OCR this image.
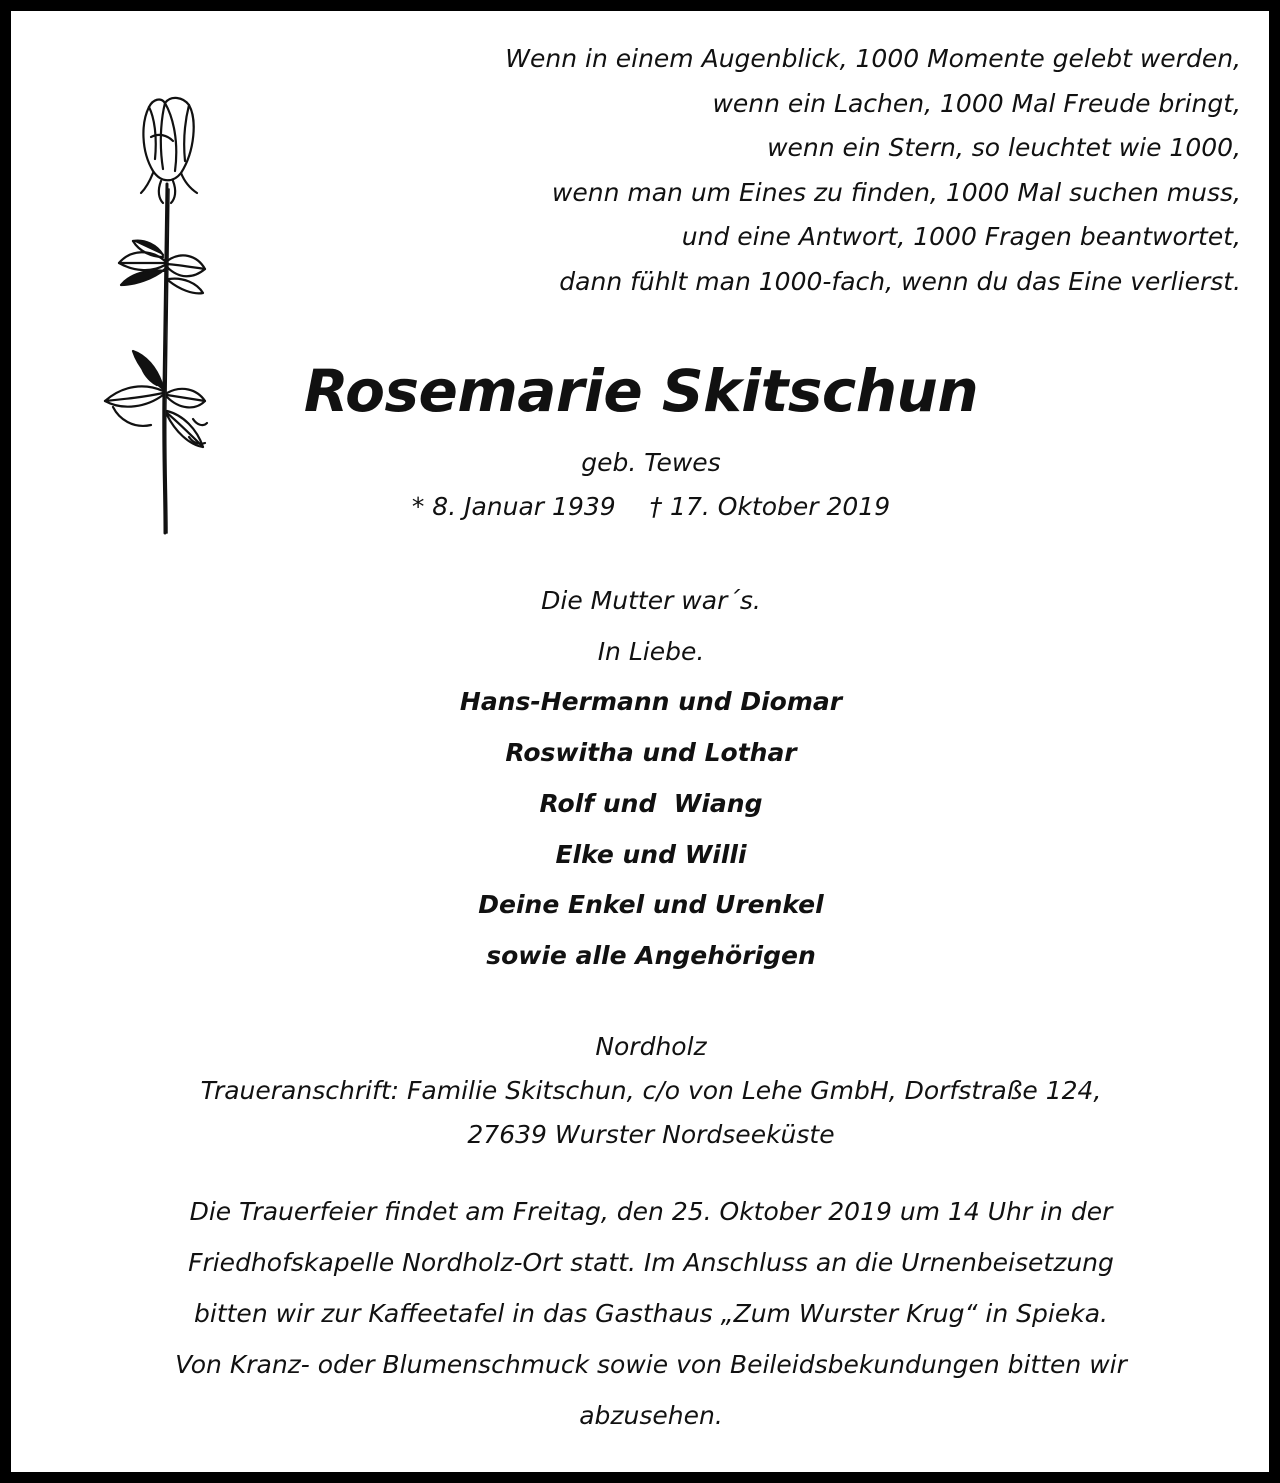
Wenn in einem Augenblick, 1000 Momente gelebt werden,
wenn ein Lachen, 1000 Mal Freude bringt,
wenn ein Stern, so leuchtet wie 1000,
wenn man um Eines zu finden, 1000 Mal suchen muss,
und eine Antwort, 1000 Fragen beantwortet,
dann fühlt man 1000-fach, wenn du das Eine verlierst.
Rosemarie Skitschun
geb. Tewes
* 8. Januar 1939 † 17. Oktober 2019
Die Mutter war´s.
In Liebe.
Hans-Hermann und Diomar
Roswitha und Lothar
Rolf und  Wiang
Elke und Willi
Deine Enkel und Urenkel
sowie alle Angehörigen
Nordholz
Traueranschrift: Familie Skitschun, c/o von Lehe GmbH, Dorfstraße 124,
27639 Wurster Nordseeküste
Die Trauerfeier findet am Freitag, den 25. Oktober 2019 um 14 Uhr in der
Friedhofskapelle Nordholz-Ort statt. Im Anschluss an die Urnenbeisetzung
bitten wir zur Kaffeetafel in das Gasthaus „Zum Wurster Krug“ in Spieka.
Von Kranz- oder Blumenschmuck sowie von Beileidsbekundungen bitten wir
abzusehen.
